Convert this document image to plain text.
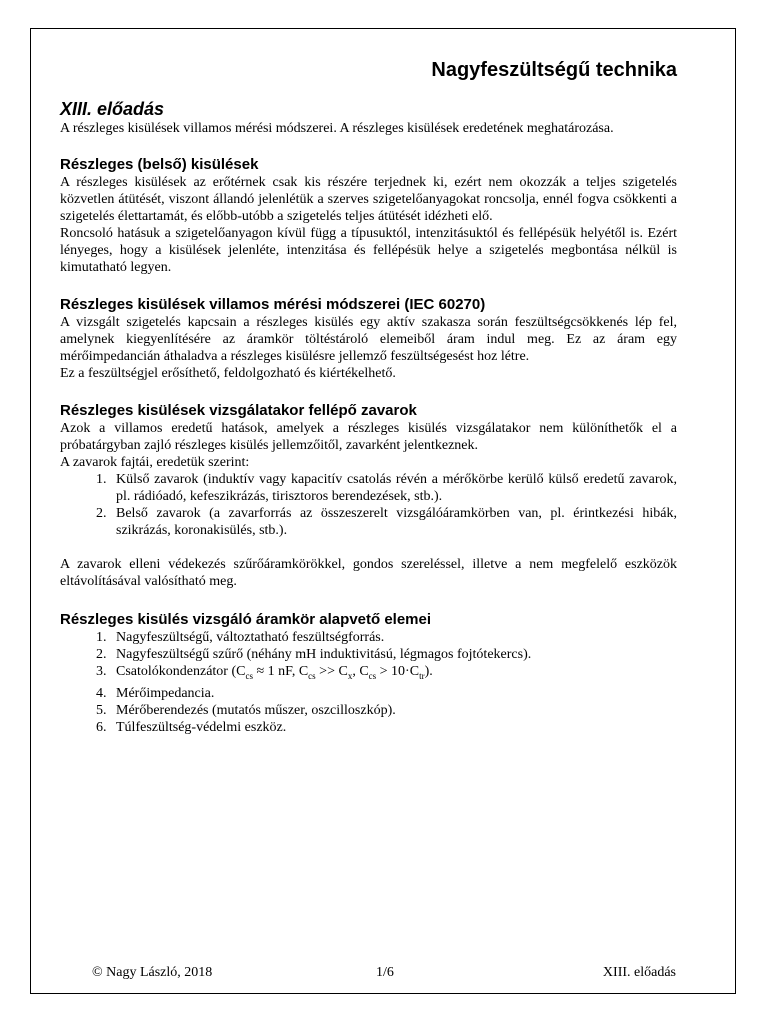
Nagyfeszültségű technika
XIII. előadás

A részleges kisülések villamos mérési módszerei. A részleges kisülések eredetének meghatározása.

Részleges (belső) kisülések

A részleges kisülések az erőtérnek csak kis részére terjednek ki, ezért nem okozzák a teljes szigetelés közvetlen átütését, viszont állandó jelenlétük a szerves szigetelőanyagokat roncsolja, ennél fogva csökkenti a szigetelés élettartamát, és előbb-utóbb a szigetelés teljes átütését idézheti elő.

Roncsoló hatásuk a szigetelőanyagon kívül függ a típusuktól, intenzitásuktól és fellépésük helyétől is. Ezért lényeges, hogy a kisülések jelenléte, intenzitása és fellépésük helye a szigetelés megbontása nélkül is kimutatható legyen.

Részleges kisülések villamos mérési módszerei (IEC 60270)

A vizsgált szigetelés kapcsain a részleges kisülés egy aktív szakasza során feszültségcsökkenés lép fel, amelynek kiegyenlítésére az áramkör töltéstároló elemeiből áram indul meg. Ez az áram egy mérőimpedancián áthaladva a részleges kisülésre jellemző feszültségesést hoz létre.

Ez a feszültségjel erősíthető, feldolgozható és kiértékelhető.

Részleges kisülések vizsgálatakor fellépő zavarok

Azok a villamos eredetű hatások, amelyek a részleges kisülés vizsgálatakor nem különíthetők el a próbatárgyban zajló részleges kisülés jellemzőitől, zavarként jelentkeznek.

A zavarok fajtái, eredetük szerint:

1. Külső zavarok (induktív vagy kapacitív csatolás révén a mérőkörbe kerülő külső eredetű zavarok, pl. rádióadó, kefeszikrázás, tirisztoros berendezések, stb.).
2. Belső zavarok (a zavarforrás az összeszerelt vizsgálóáramkörben van, pl. érintkezési hibák, szikrázás, koronakisülés, stb.).

A zavarok elleni védekezés szűrőáramkörökkel, gondos szereléssel, illetve a nem megfelelő eszközök eltávolításával valósítható meg.

Részleges kisülés vizsgáló áramkör alapvető elemei
1. Nagyfeszültségű, változtatható feszültségforrás.
2. Nagyfeszültségű szűrő (néhány mH induktivitású, légmagos fojtótekercs).
3. Csatolókondenzátor ($C_{cs} \approx 1$ nF, $C_{cs} >> C_x$, $C_{cs} > 10\cdot C_{tr}$).
4. Mérőimpedancia.
5. Mérőberendezés (mutatós műszer, oszcilloszkóp).
6. Túlfeszültség-védelmi eszköz.
© Nagy László, 2018	1/6	XIII. előadás
